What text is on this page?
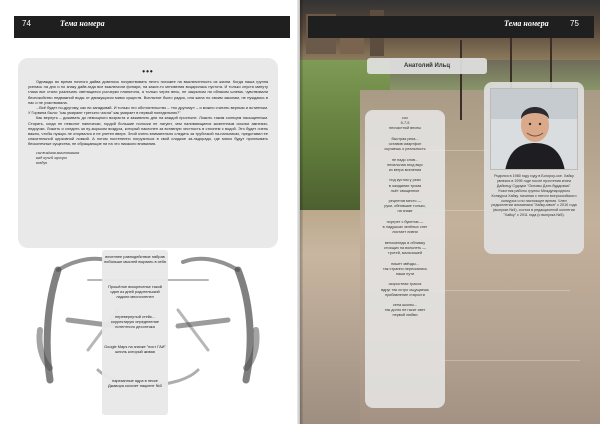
74	Тема номера
•••

Однажды во время ночного дайва довелось почувствовать нечто похожее на выключенность из жизни. Когда наша группа уселась на дно и по знаку дайв-гида все выключили фонари, на какое-то мгновения воцарилась пустота. И только спустя минуту глаза все стали различать светящиеся росчерки планктона, а только через весь, не закрытым ни облаком шлема, чувствовали беспокойство недвижной воды от движущихся мимо существ. Всплытие было радио, она жила по своим законам, не нуждаясь в нас и не участвовала.

...Всё будет по-другому, как ни загадывай. И только это обстоятельство – «по другому» – и можно считать верным и истинным. У Горвина было: "как умирают третьего числа" как умирает в первый понедельник?"

Как вернуть – доживать до немощного возраста и заживлять дни на каждой простыне. Ложить таким солнцем насыщенным. Стирать, когда не немолот панически, гордой большие полоски не лагуют, чем наливающиеся жизненным ссылки амнезии-недоучки. Ложить и следить за пу-зырьком воздуха, который наклонен за вставную честность в стиснем с водой. Это будет очень важно, чтобы пузырь не оторвался и не улетел вверх. Злой очень внимательно следить за трубочкой на-пальниках, представил ее спасительной церковной ловкой. А потом постепенно погрузиться в свой сладкое за-льдорадо, где мягко будут проплывать бесконечные существа, не обращающие ни на что никакого внимания.

снежнёная многопышка
над кучей мусора
воздух
весеннее равнодействие набрав побольше мыслей вырвать в себя
Прошёлое воскресенье такой один из дней родительский ладони многочленен
перевернутый стейк... корректирую определение потентного десоптика
Google Maps на значке "пост ГАИ" шпиль который живая
нарезанные ядра в песке Джавора кохочет пациент №0
Тема номера	75
Анатолий Ильц
сос
5-7-5
несчастной весны
быстрая река...
оставив смартфон
скучаешь о реальность
не надо слов...
несильная ягод вкус
из ветра вселения
под кустом у реки
в ожидании трома
льёт священное
рецептов место —
руки, обнявшие только,
на знаке
портрет с букетом —
в ладушках зелёных снег
листает ливни
велосипеды в обнимку
стоящих на вольнеть —
тротей, мальчишей
пишет звёзды...
так странно перескались
наши пути
скоростная трасса
вдруг так остро ощущаешь
прибавление старости
сена школы...
так долго не гасит свет
первой любви
Родился в 1980 году году в Богороу-ске. Хайку увлекся в 1995 годе после прочтения книги Дайсецу Судзуки "Основы Дзэн-буддизма". Участник работы группы Международного Конкурса Хайку. начиная с пятого всероссийского конкурса и по настоящее время. Член редколлегии альманаха "Хайку-мвон" с 2010 года (выпуски №4), состоя в редакционной коллегии "Хайку" с 2011 года (с выпуска №5).
